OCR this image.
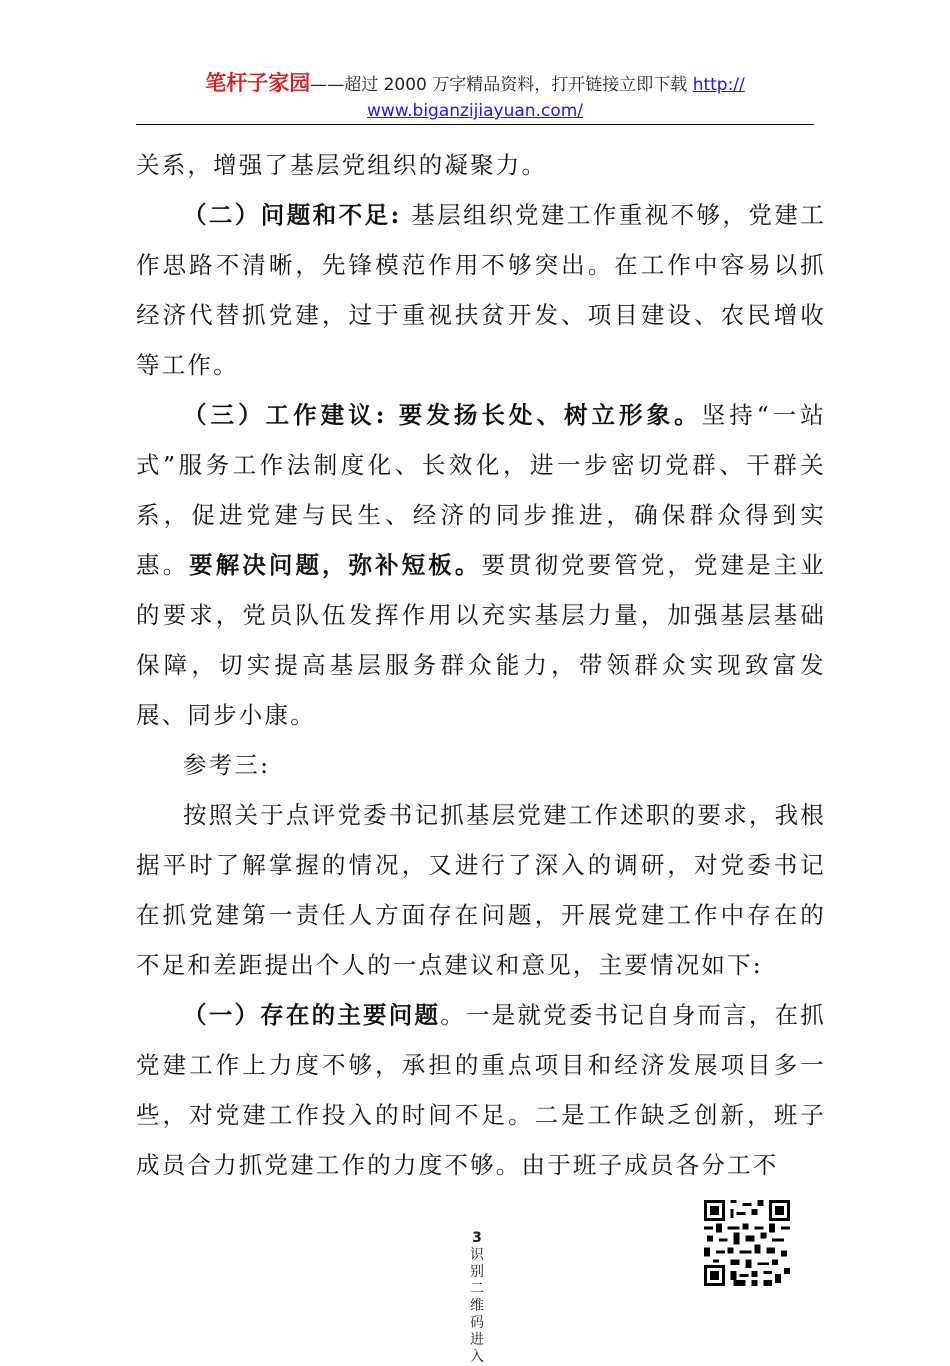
笔杆子家园——超过 2000 万字精品资料，打开链接立即下载 http://
www.biganzijiayuan.com/

关系，增强了基层党组织的凝聚力。

（二）问题和不足: 基层组织党建工作重视不够，党建工作思路不清晰，先锋模范作用不够突出。在工作中容易以抓经济代替抓党建，过于重视扶贫开发、项目建设、农民增收等工作。

（三）工作建议: 要发扬长处、树立形象。坚持“一站式”服务工作法制度化、长效化，进一步密切党群、干群关系，促进党建与民生、经济的同步推进，确保群众得到实惠。要解决问题，弥补短板。要贯彻党要管党，党建是主业的要求，党员队伍发挥作用以充实基层力量，加强基层基础保障，切实提高基层服务群众能力，带领群众实现致富发展、同步小康。

参考三:

按照关于点评党委书记抓基层党建工作述职的要求，我根据平时了解掌握的情况，又进行了深入的调研，对党委书记在抓党建第一责任人方面存在问题，开展党建工作中存在的不足和差距提出个人的一点建议和意见，主要情况如下:

（一）存在的主要问题。一是就党委书记自身而言，在抓党建工作上力度不够，承担的重点项目和经济发展项目多一些，对党建工作投入的时间不足。二是工作缺乏创新，班子成员合力抓党建工作的力度不够。由于班子成员各分工不

3识别二维码进入
